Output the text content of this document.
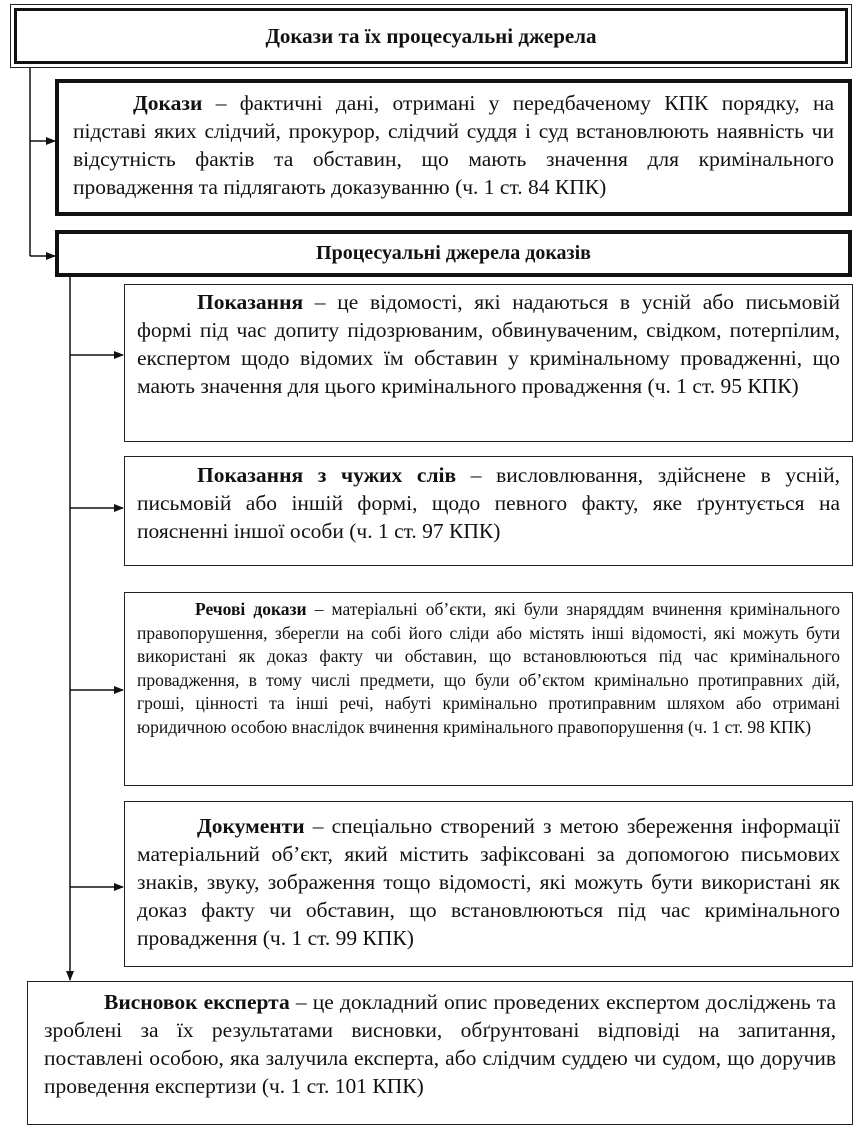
Докази та їх процесуальні джерела
Докази – фактичні дані, отримані у передбаченому КПК порядку, на підставі яких слідчий, прокурор, слідчий суддя і суд встановлюють наявність чи відсутність фактів та обставин, що мають значення для кримінального провадження та підлягають доказуванню (ч. 1 ст. 84 КПК)
Процесуальні джерела доказів
Показання – це відомості, які надаються в усній або письмовій формі під час допиту підозрюваним, обвинуваченим, свідком, потерпілим, експертом щодо відомих їм обставин у кримінальному провадженні, що мають значення для цього кримінального провадження (ч. 1 ст. 95 КПК)
Показання з чужих слів – висловлювання, здійснене в усній, письмовій або іншій формі, щодо певного факту, яке ґрунтується на поясненні іншої особи (ч. 1 ст. 97 КПК)
Речові докази – матеріальні об’єкти, які були знаряддям вчинення кримінального правопорушення, зберегли на собі його сліди або містять інші відомості, які можуть бути використані як доказ факту чи обставин, що встановлюються під час кримінального провадження, в тому числі предмети, що були об’єктом кримінально протиправних дій, гроші, цінності та інші речі, набуті кримінально протиправним шляхом або отримані юридичною особою внаслідок вчинення кримінального правопорушення (ч. 1 ст. 98 КПК)
Документи – спеціально створений з метою збереження інформації матеріальний об’єкт, який містить зафіксовані за допомогою письмових знаків, звуку, зображення тощо відомості, які можуть бути використані як доказ факту чи обставин, що встановлюються під час кримінального провадження (ч. 1 ст. 99 КПК)
Висновок експерта – це докладний опис проведених експертом досліджень та зроблені за їх результатами висновки, обґрунтовані відповіді на запитання, поставлені особою, яка залучила експерта, або слідчим суддею чи судом, що доручив проведення експертизи (ч. 1 ст. 101 КПК)
